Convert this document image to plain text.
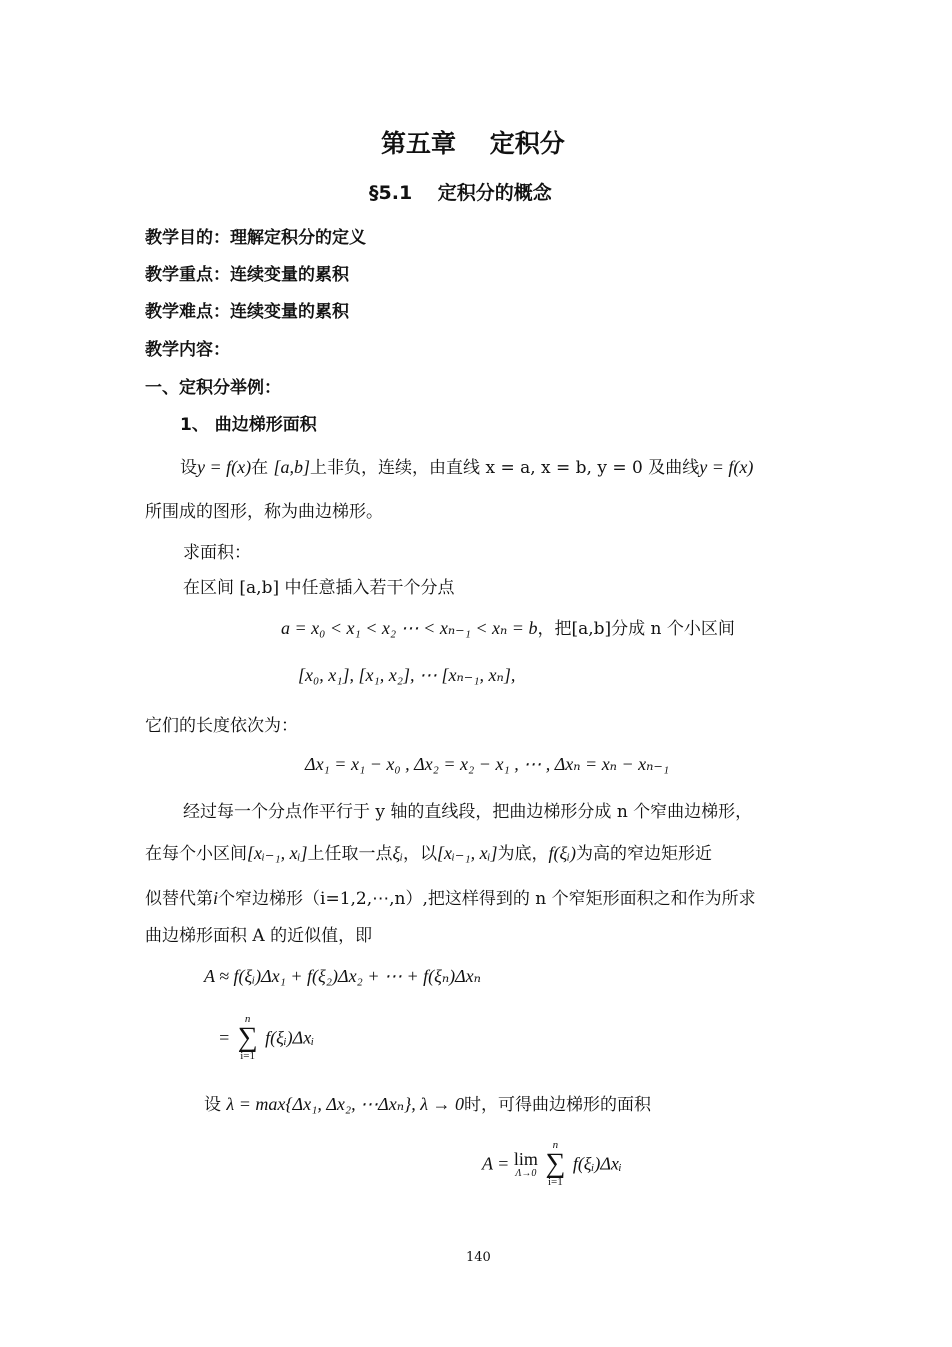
第五章　 定积分
§5.1　 定积分的概念
教学目的：理解定积分的定义
教学重点：连续变量的累积
教学难点：连续变量的累积
教学内容：
一、定积分举例：
1、 曲边梯形面积
设y = f(x)在 [a,b]上非负，连续，由直线 x = a, x = b, y = 0 及曲线y = f(x)
所围成的图形，称为曲边梯形。
求面积：
在区间 [a,b] 中任意插入若干个分点
a = x₀ < x₁ < x₂ ⋯ < xₙ₋₁ < xₙ = b，把[a,b]分成 n 个小区间
[x₀, x₁], [x₁, x₂], ⋯ [xₙ₋₁, xₙ],
它们的长度依次为：
Δx₁ = x₁ − x₀ , Δx₂ = x₂ − x₁ , ⋯ , Δxₙ = xₙ − xₙ₋₁
经过每一个分点作平行于 y 轴的直线段，把曲边梯形分成 n 个窄曲边梯形，
在每个小区间[xᵢ₋₁, xᵢ]上任取一点ξᵢ，以[xᵢ₋₁, xᵢ]为底，f(ξᵢ)为高的窄边矩形近
似替代第i个窄边梯形（i=1,2,⋯,n）,把这样得到的 n 个窄矩形面积之和作为所求
曲边梯形面积 A 的近似值，即
A ≈ f(ξᵢ)Δx₁ + f(ξ₂)Δx₂ + ⋯ + f(ξₙ)Δxₙ
=
n
∑
i=1
f(ξᵢ)Δxᵢ
设 λ = max{Δx₁, Δx₂, ⋯Δxₙ}, λ → 0时，可得曲边梯形的面积
A = lim
Λ→0

n
∑
i=1
f(ξᵢ)Δxᵢ
140
